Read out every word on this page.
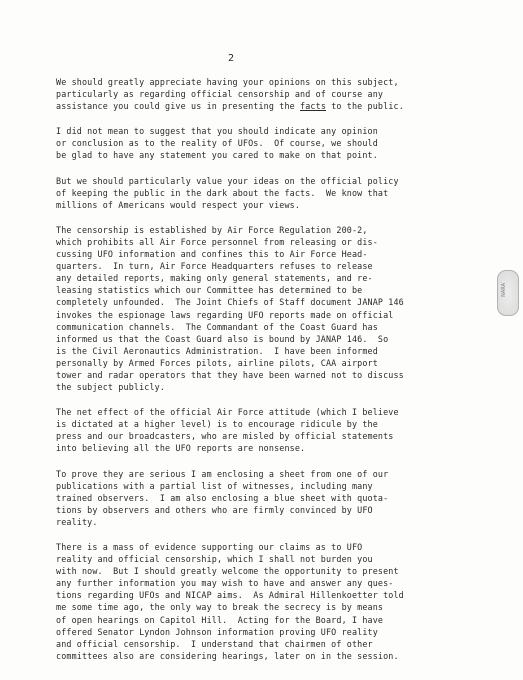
2
NARA
We should greatly appreciate having your opinions on this subject,
particularly as regarding official censorship and of course any
assistance you could give us in presenting the facts to the public.
I did not mean to suggest that you should indicate any opinion
or conclusion as to the reality of UFOs.  Of course, we should
be glad to have any statement you cared to make on that point.
But we should particularly value your ideas on the official policy
of keeping the public in the dark about the facts.  We know that
millions of Americans would respect your views.
The censorship is established by Air Force Regulation 200-2,
which prohibits all Air Force personnel from releasing or dis-
cussing UFO information and confines this to Air Force Head-
quarters.  In turn, Air Force Headquarters refuses to release
any detailed reports, making only general statements, and re-
leasing statistics which our Committee has determined to be
completely unfounded.  The Joint Chiefs of Staff document JANAP 146
invokes the espionage laws regarding UFO reports made on official
communication channels.  The Commandant of the Coast Guard has
informed us that the Coast Guard also is bound by JANAP 146.  So
is the Civil Aeronautics Administration.  I have been informed
personally by Armed Forces pilots, airline pilots, CAA airport
tower and radar operators that they have been warned not to discuss
the subject publicly.
The net effect of the official Air Force attitude (which I believe
is dictated at a higher level) is to encourage ridicule by the
press and our broadcasters, who are misled by official statements
into believing all the UFO reports are nonsense.
To prove they are serious I am enclosing a sheet from one of our
publications with a partial list of witnesses, including many
trained observers.  I am also enclosing a blue sheet with quota-
tions by observers and others who are firmly convinced by UFO
reality.
There is a mass of evidence supporting our claims as to UFO
reality and official censorship, which I shall not burden you
with now.  But I should greatly welcome the opportunity to present
any further information you may wish to have and answer any ques-
tions regarding UFOs and NICAP aims.  As Admiral Hillenkoetter told
me some time ago, the only way to break the secrecy is by means
of open hearings on Capitol Hill.  Acting for the Board, I have
offered Senator Lyndon Johnson information proving UFO reality
and official censorship.  I understand that chairmen of other
committees also are considering hearings, later on in the session.
